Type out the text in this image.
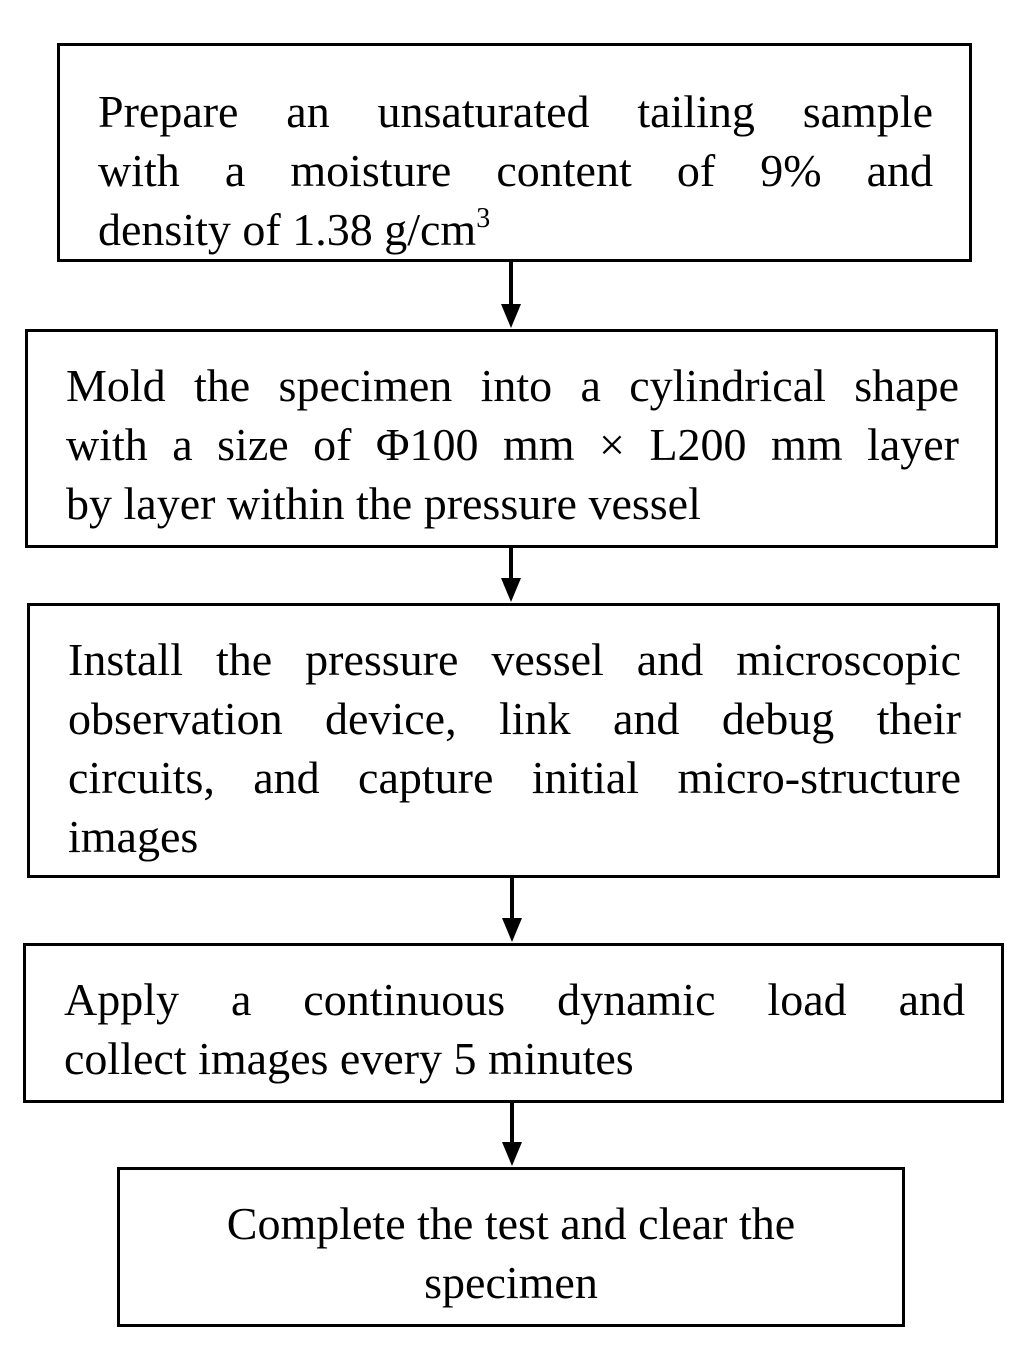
Prepare an unsaturated tailing sample
with a moisture content of 9% and
density of 1.38 $g/cm^3$
Mold the specimen into a cylindrical shape
with a size of Φ100 mm × L200 mm layer
by layer within the pressure vessel
Install the pressure vessel and microscopic
observation device, link and debug their
circuits, and capture initial micro-structure
images
Apply a continuous dynamic load and
collect images every 5 minutes
Complete the test and clear the
specimen
